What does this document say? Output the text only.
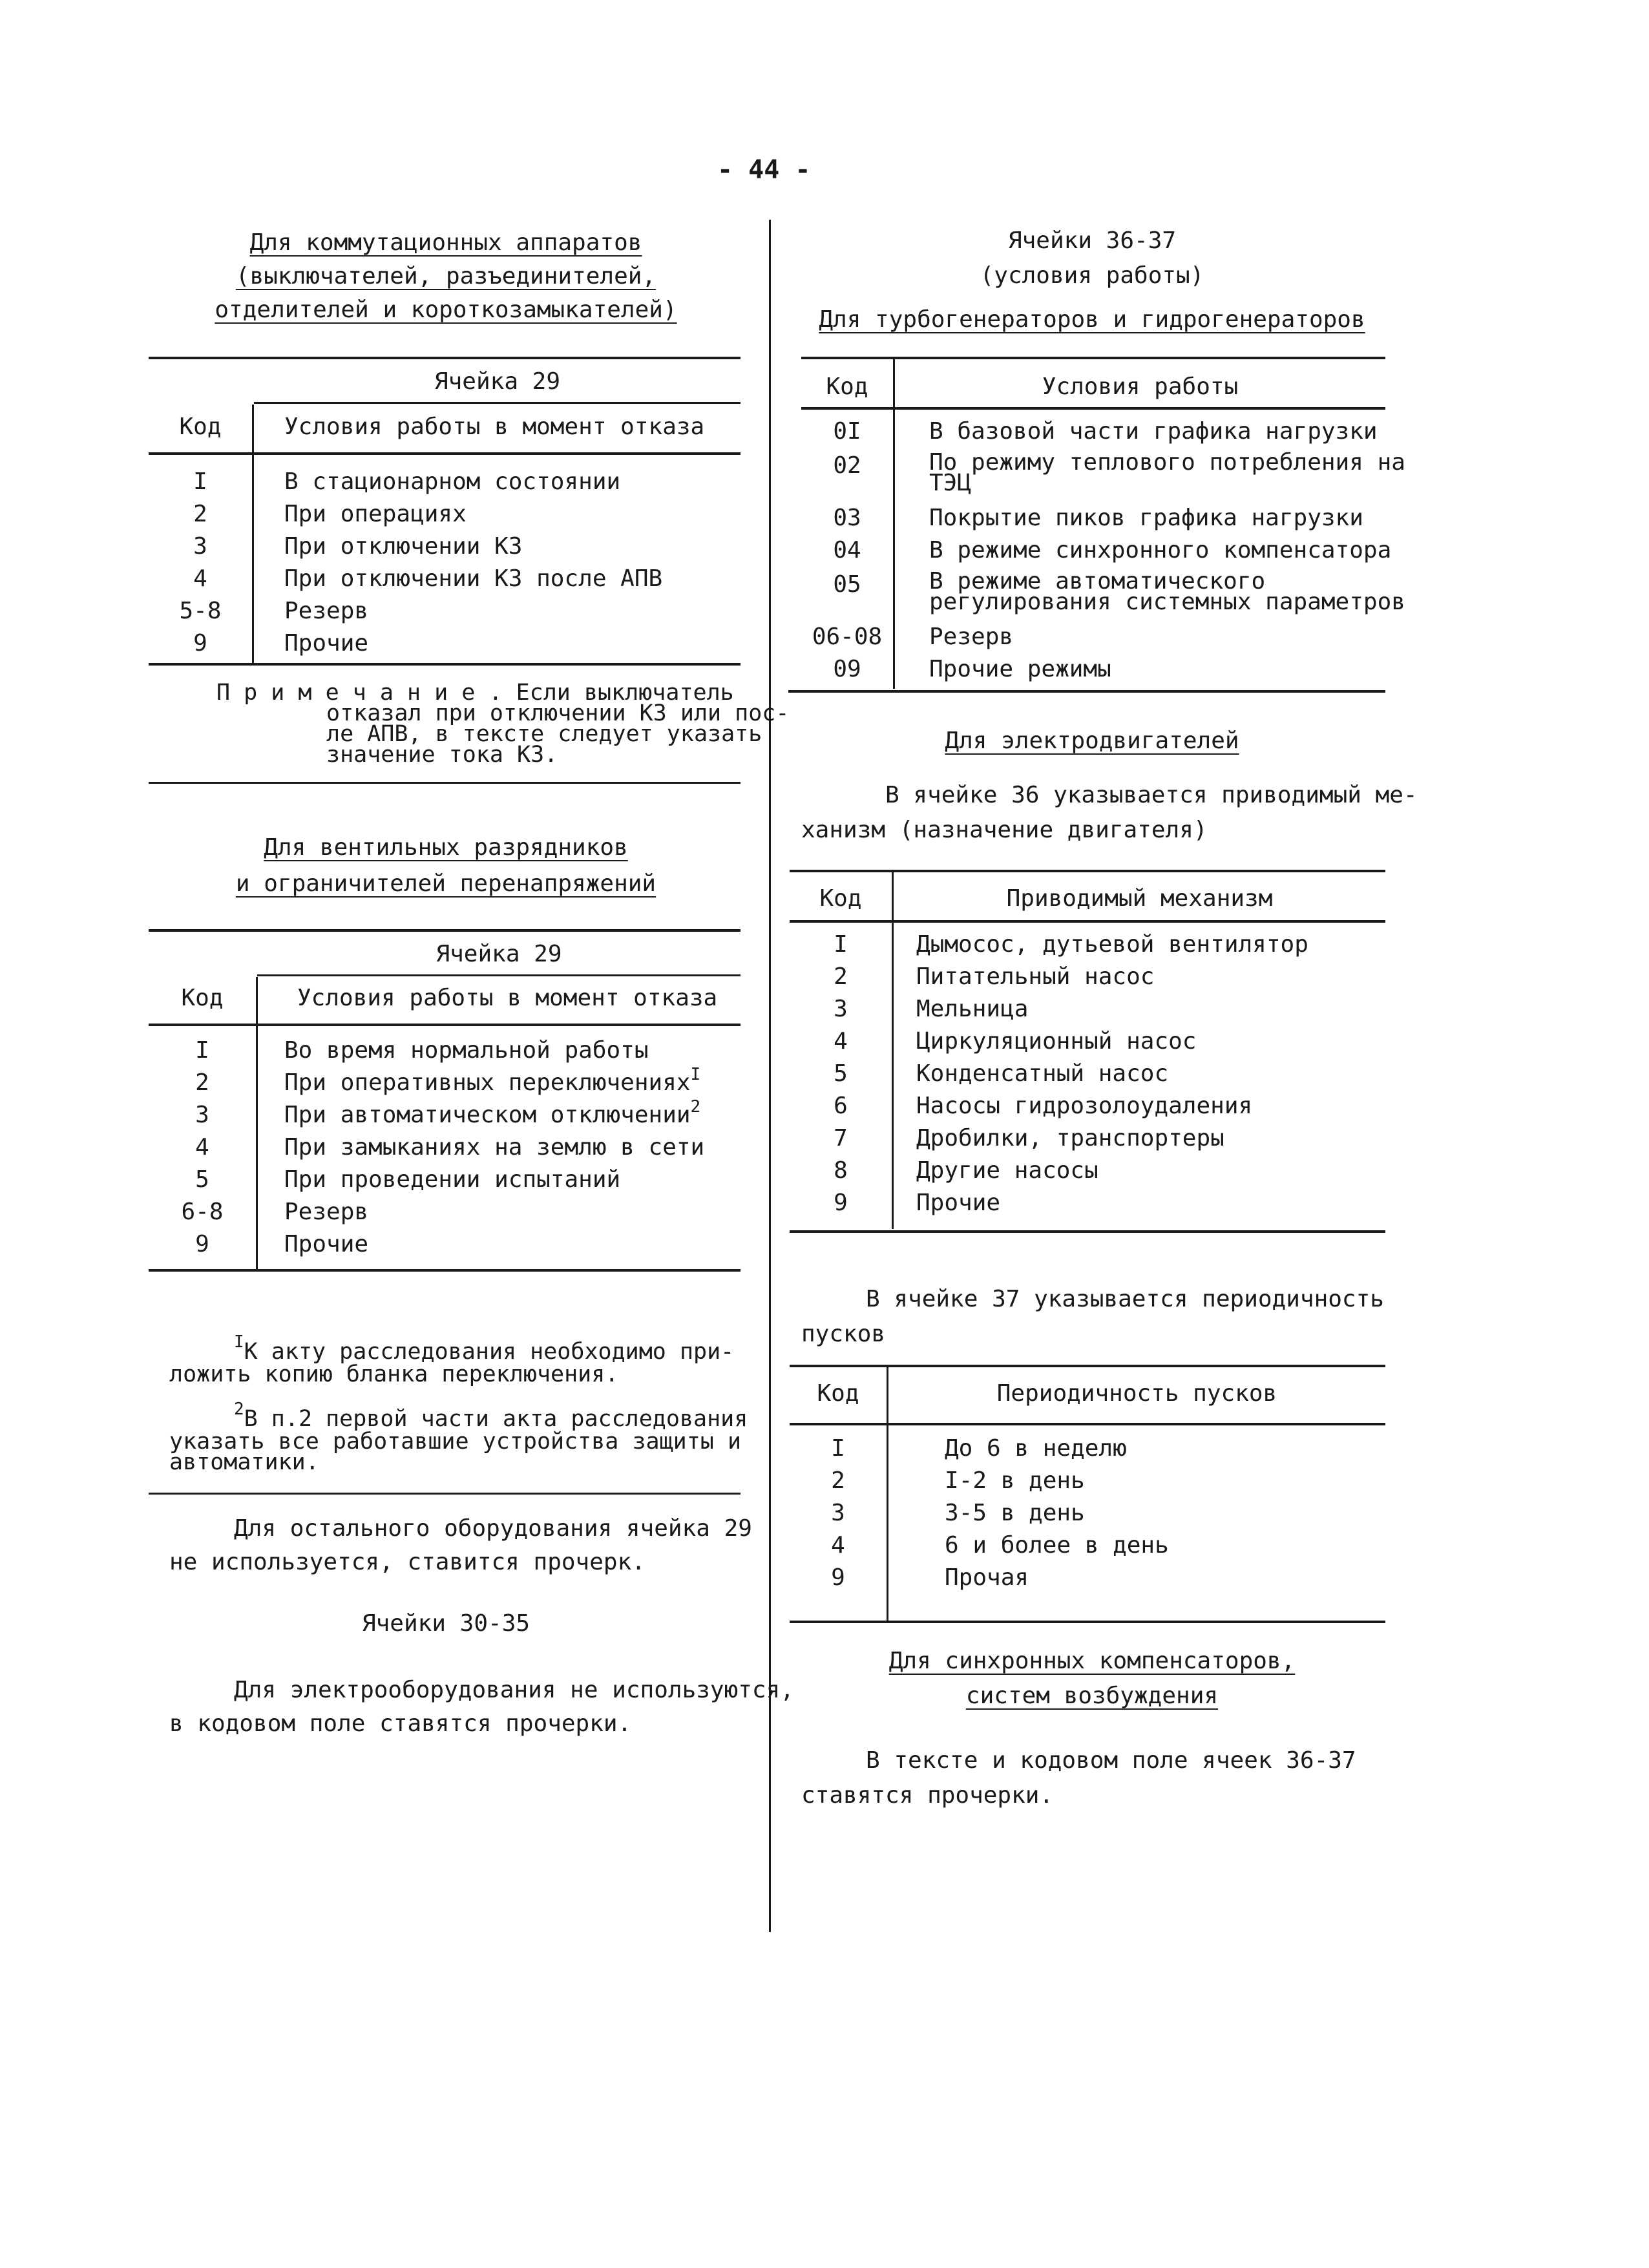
- 44 -
Для коммутационных аппаратов
(выключателей, разъединителей,
отделителей и короткозамыкателей)
Ячейка 29
Код	Условия работы в момент отказа
I	В стационарном состоянии
2	При операциях
3	При отключении КЗ
4	При отключении КЗ после АПВ
5-8	Резерв
9	Прочие
П р и м е ч а н и е . Если выключатель
отказал при отключении КЗ или пос-
ле АПВ, в тексте следует указать
значение тока КЗ.
Для вентильных разрядников
и ограничителей перенапряжений
Ячейка 29
Код	Условия работы в момент отказа
I	Во время нормальной работы
2	При оперативных переключениях$^I$
3	При автоматическом отключении$^2$
4	При замыканиях на землю в сети
5	При проведении испытаний
6-8	Резерв
9	Прочие
$^I$К акту расследования необходимо при-
ложить копию бланка переключения.
$^2$В п.2 первой части акта расследования
указать все работавшие устройства защиты и
автоматики.
Для остального оборудования ячейка 29
не используется, ставится прочерк.
Ячейки 30-35
Для электрооборудования не используются,
в кодовом поле ставятся прочерки.
Ячейки 36-37
(условия работы)
Для турбогенераторов и гидрогенераторов
Код	Условия работы
0I	В базовой части графика нагрузки
02	По режиму теплового потребления на ТЭЦ
03	Покрытие пиков графика нагрузки
04	В режиме синхронного компенсатора
05	В режиме автоматического регулирования системных параметров
06-08	Резерв
09	Прочие режимы
Для электродвигателей
В ячейке 36 указывается приводимый ме-
ханизм (назначение двигателя)
Код	Приводимый механизм
I	Дымосос, дутьевой вентилятор
2	Питательный насос
3	Мельница
4	Циркуляционный насос
5	Конденсатный насос
6	Насосы гидрозолоудаления
7	Дробилки, транспортеры
8	Другие насосы
9	Прочие
В ячейке 37 указывается периодичность
пусков
Код	Периодичность пусков
I	До 6 в неделю
2	I-2 в день
3	3-5 в день
4	6 и более в день
9	Прочая
Для синхронных компенсаторов,
систем возбуждения
В тексте и кодовом поле ячеек 36-37
ставятся прочерки.
